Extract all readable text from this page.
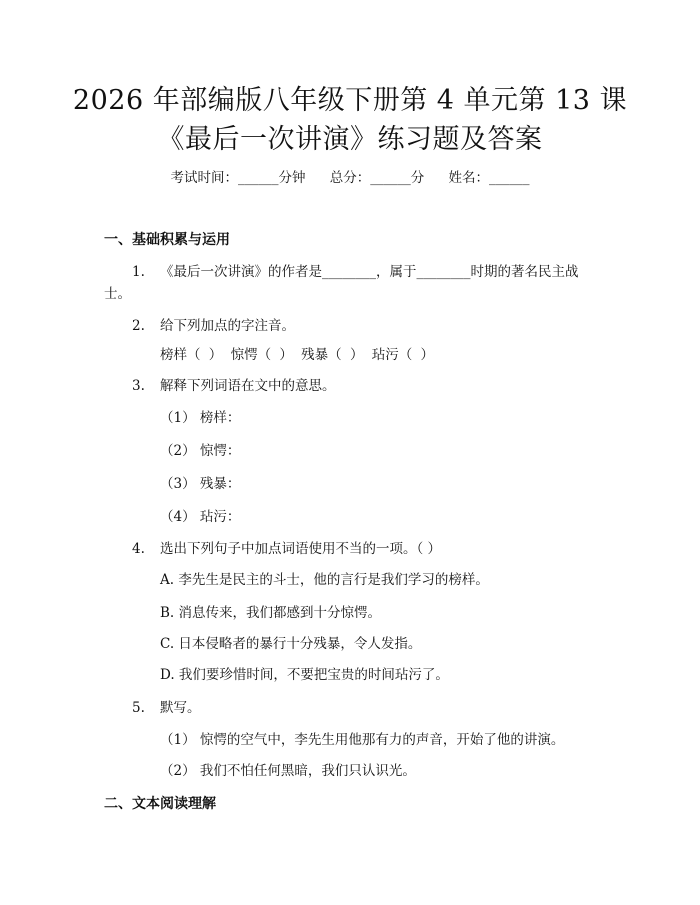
2026 年部编版八年级下册第 4 单元第 13 课
《最后一次讲演》练习题及答案
考试时间：______分钟 总分：______分 姓名：______
一、基础积累与运用
1. 《最后一次讲演》的作者是________，属于________时期的著名民主战
士。
2. 给下列加点的字注音。
榜样（ ） 惊愕（ ） 残暴（ ） 玷污（ ）
3. 解释下列词语在文中的意思。
（1） 榜样：
（2） 惊愕：
（3） 残暴：
（4） 玷污：
4. 选出下列句子中加点词语使用不当的一项。（ ）
A. 李先生是民主的斗士，他的言行是我们学习的榜样。
B. 消息传来，我们都感到十分惊愕。
C. 日本侵略者的暴行十分残暴，令人发指。
D. 我们要珍惜时间，不要把宝贵的时间玷污了。
5. 默写。
（1） 惊愕的空气中，李先生用他那有力的声音，开始了他的讲演。
（2） 我们不怕任何黑暗，我们只认识光。
二、文本阅读理解
